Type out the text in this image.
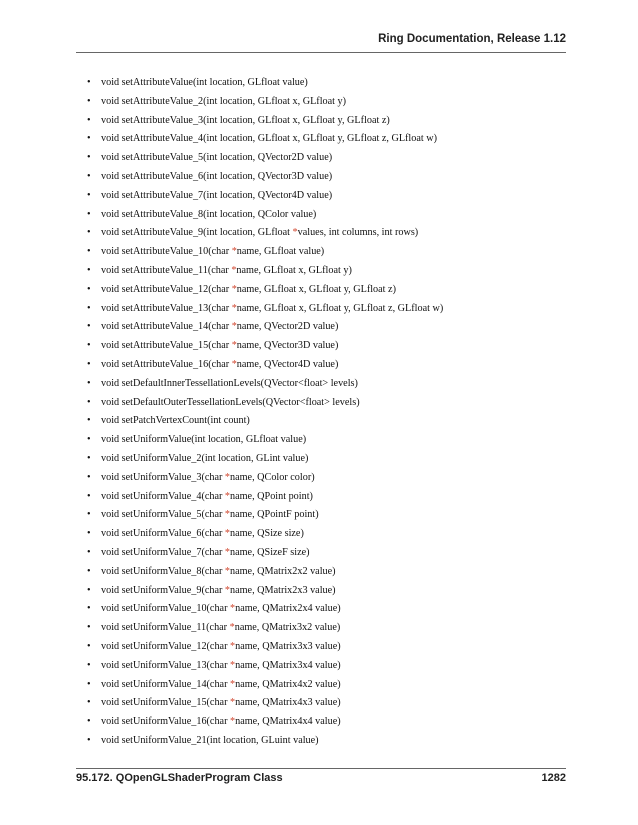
Ring Documentation, Release 1.12
• void setAttributeValue(int location, GLfloat value)
• void setAttributeValue_2(int location, GLfloat x, GLfloat y)
• void setAttributeValue_3(int location, GLfloat x, GLfloat y, GLfloat z)
• void setAttributeValue_4(int location, GLfloat x, GLfloat y, GLfloat z, GLfloat w)
• void setAttributeValue_5(int location, QVector2D value)
• void setAttributeValue_6(int location, QVector3D value)
• void setAttributeValue_7(int location, QVector4D value)
• void setAttributeValue_8(int location, QColor value)
• void setAttributeValue_9(int location, GLfloat *values, int columns, int rows)
• void setAttributeValue_10(char *name, GLfloat value)
• void setAttributeValue_11(char *name, GLfloat x, GLfloat y)
• void setAttributeValue_12(char *name, GLfloat x, GLfloat y, GLfloat z)
• void setAttributeValue_13(char *name, GLfloat x, GLfloat y, GLfloat z, GLfloat w)
• void setAttributeValue_14(char *name, QVector2D value)
• void setAttributeValue_15(char *name, QVector3D value)
• void setAttributeValue_16(char *name, QVector4D value)
• void setDefaultInnerTessellationLevels(QVector<float> levels)
• void setDefaultOuterTessellationLevels(QVector<float> levels)
• void setPatchVertexCount(int count)
• void setUniformValue(int location, GLfloat value)
• void setUniformValue_2(int location, GLint value)
• void setUniformValue_3(char *name, QColor color)
• void setUniformValue_4(char *name, QPoint point)
• void setUniformValue_5(char *name, QPointF point)
• void setUniformValue_6(char *name, QSize size)
• void setUniformValue_7(char *name, QSizeF size)
• void setUniformValue_8(char *name, QMatrix2x2 value)
• void setUniformValue_9(char *name, QMatrix2x3 value)
• void setUniformValue_10(char *name, QMatrix2x4 value)
• void setUniformValue_11(char *name, QMatrix3x2 value)
• void setUniformValue_12(char *name, QMatrix3x3 value)
• void setUniformValue_13(char *name, QMatrix3x4 value)
• void setUniformValue_14(char *name, QMatrix4x2 value)
• void setUniformValue_15(char *name, QMatrix4x3 value)
• void setUniformValue_16(char *name, QMatrix4x4 value)
• void setUniformValue_21(int location, GLuint value)
95.172. QOpenGLShaderProgram Class	1282
